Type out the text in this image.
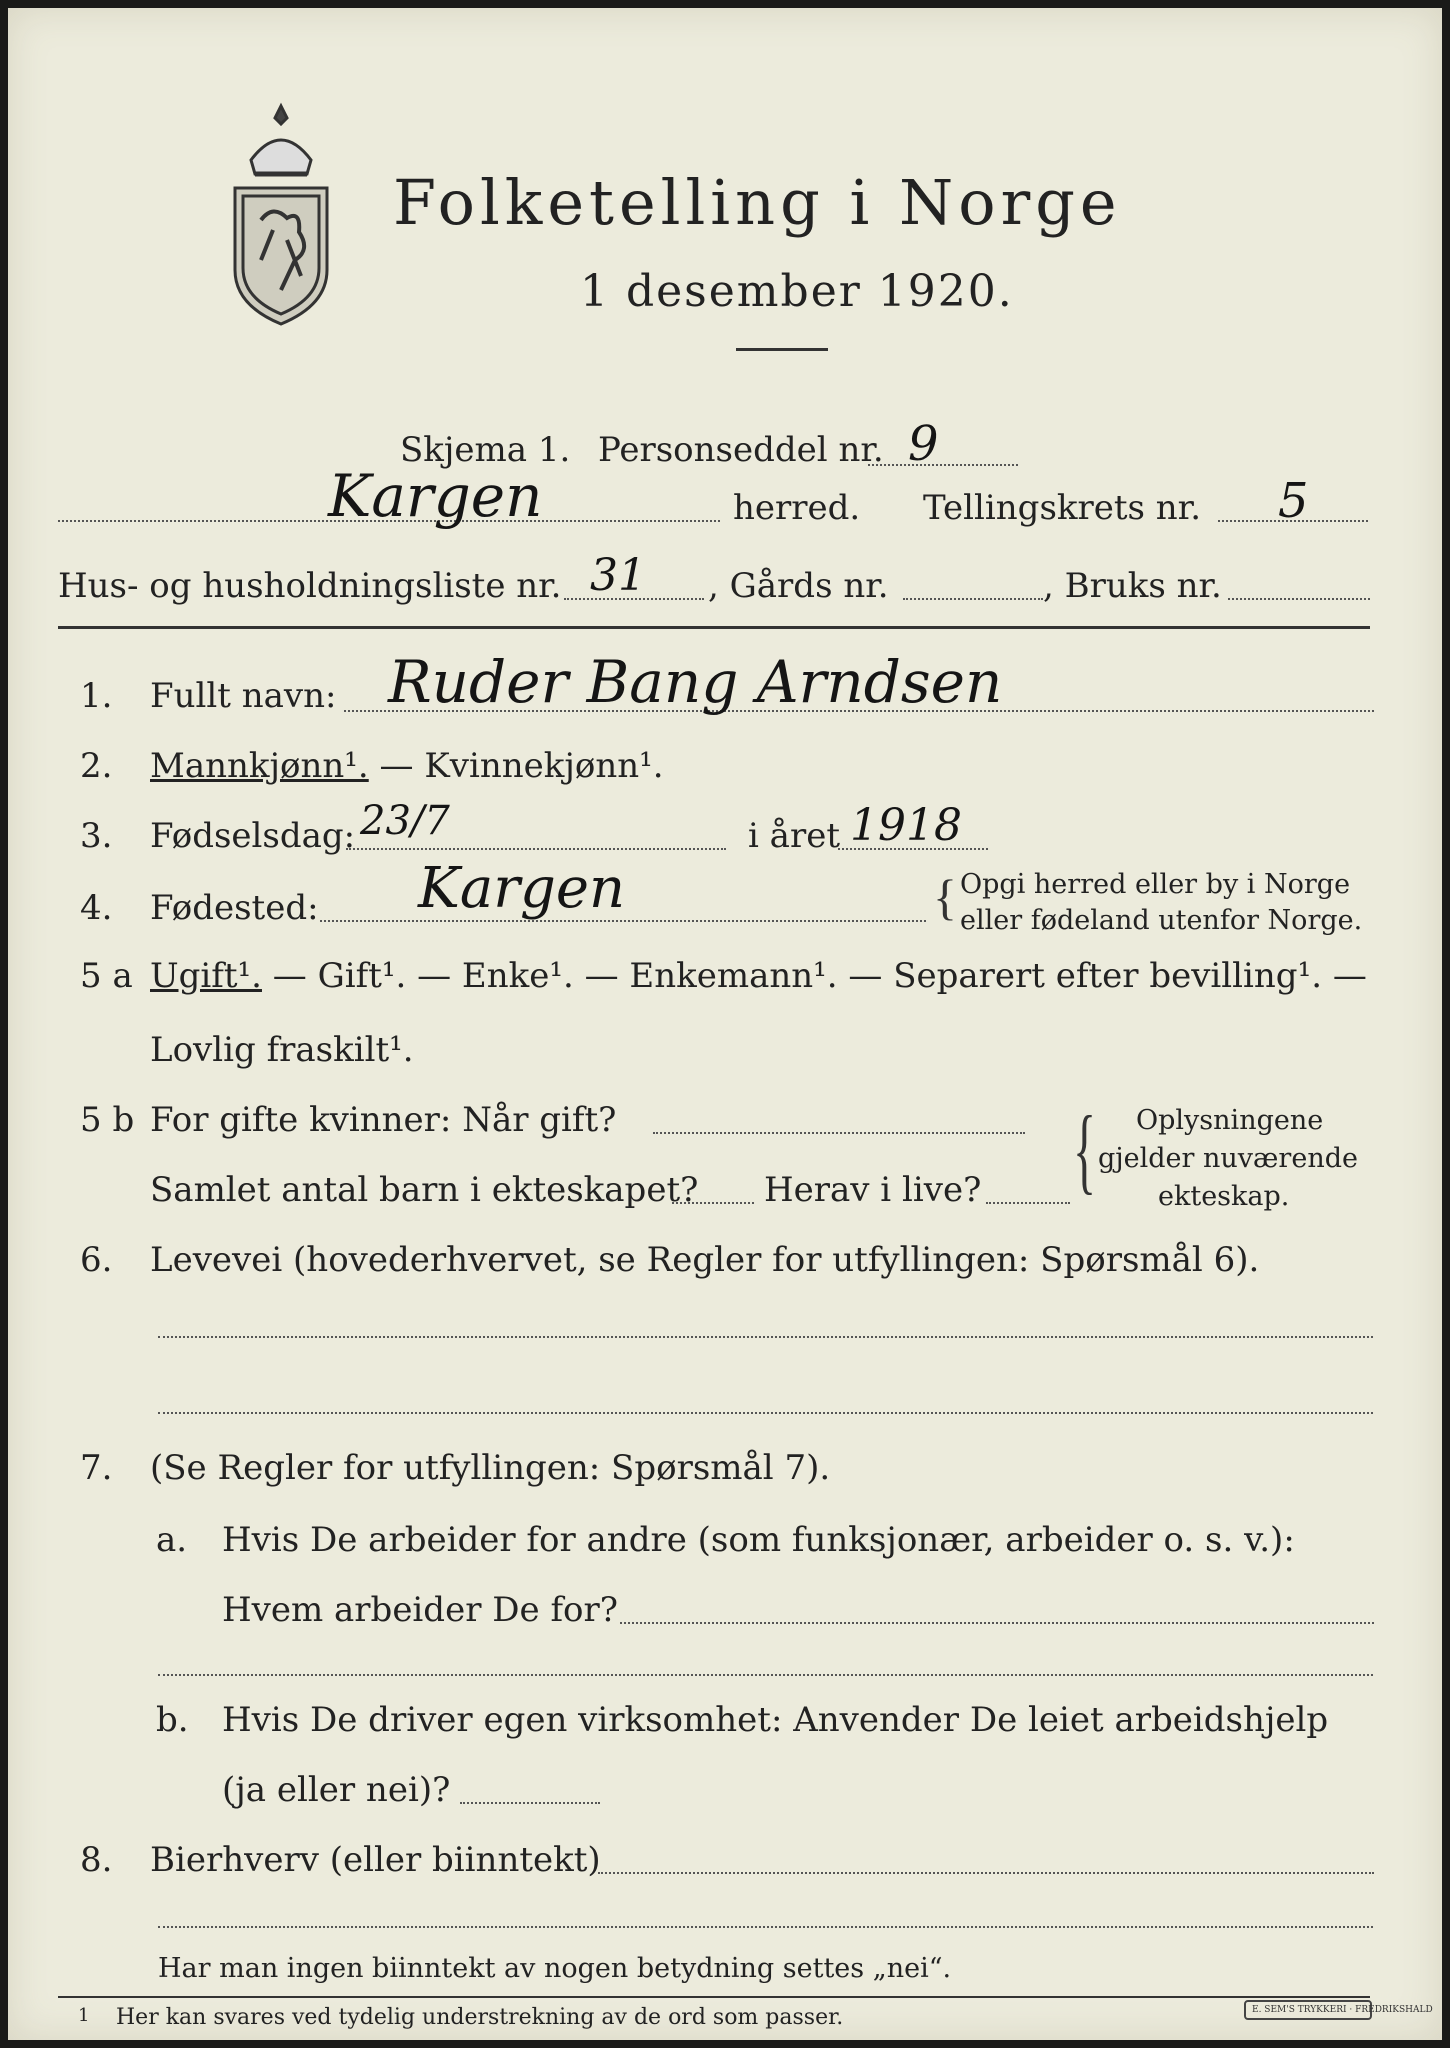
Folketelling i Norge
1 desember 1920.
Skjema 1. Personseddel nr. 9
Kargen	herred. Tellingskrets nr. 5
Hus- og husholdningsliste nr. 31 , Gårds nr.	, Bruks nr.
1. Fullt navn: Ruder Bang Arndsen
2. Mannkjønn¹. — Kvinnekjønn¹.
3. Fødselsdag: 23/7	i året 1918
4. Fødested: Kargen	{ Opgi herred eller by i Norge
eller fødeland utenfor Norge.
5 a Ugift¹. — Gift¹. — Enke¹. — Enkemann¹. — Separert efter bevilling¹. —
Lovlig fraskilt¹.
5 b For gifte kvinner: Når gift?
Samlet antal barn i ekteskapet? Herav i live? { Oplysningene
gjelder nuværende
ekteskap.
6. Levevei (hovederhvervet, se Regler for utfyllingen: Spørsmål 6).
7. (Se Regler for utfyllingen: Spørsmål 7).
a. Hvis De arbeider for andre (som funksjonær, arbeider o. s. v.):
Hvem arbeider De for?
b. Hvis De driver egen virksomhet: Anvender De leiet arbeidshjelp
(ja eller nei)?
8. Bierhverv (eller biinntekt)
Har man ingen biinntekt av nogen betydning settes „nei“.
1 Her kan svares ved tydelig understrekning av de ord som passer.	E. SEM'S TRYKKERI · FREDRIKSHALD
